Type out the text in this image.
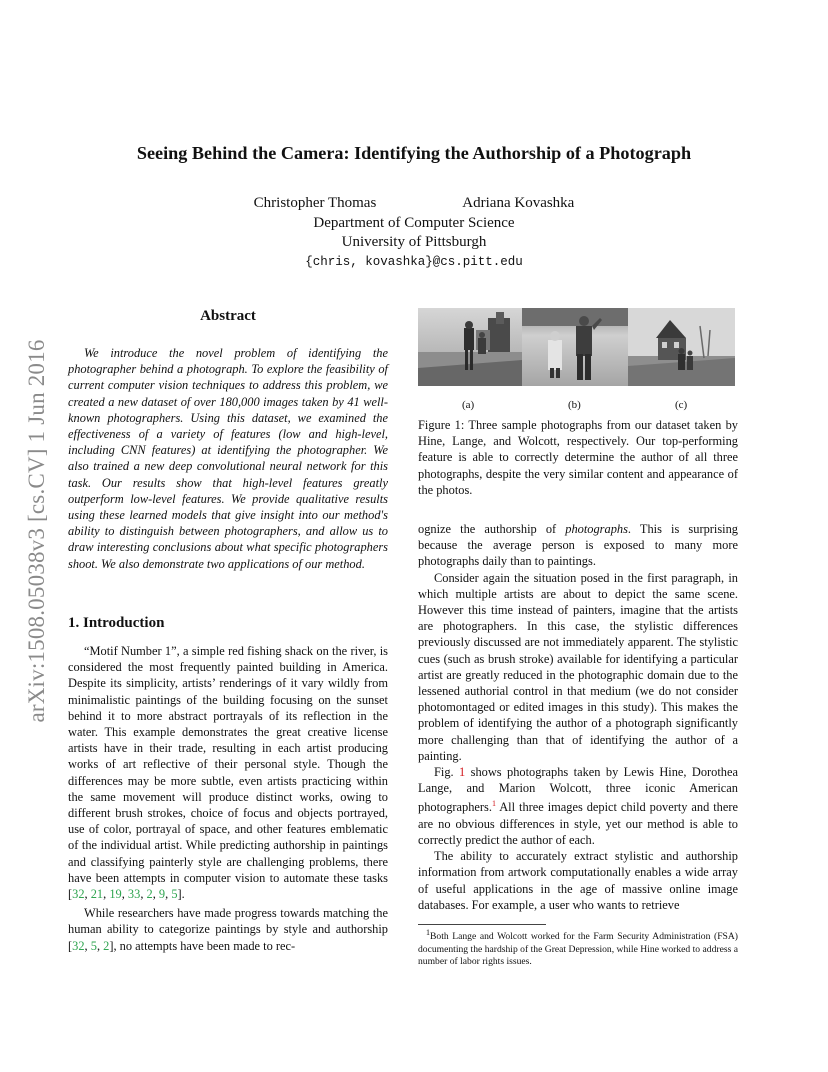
arXiv:1508.05038v3 [cs.CV] 1 Jun 2016
Seeing Behind the Camera: Identifying the Authorship of a Photograph
Christopher Thomas	Adriana Kovashka
Department of Computer Science
University of Pittsburgh
{chris, kovashka}@cs.pitt.edu
Abstract

We introduce the novel problem of identifying the photographer behind a photograph. To explore the feasibility of current computer vision techniques to address this problem, we created a new dataset of over 180,000 images taken by 41 well-known photographers. Using this dataset, we examined the effectiveness of a variety of features (low and high-level, including CNN features) at identifying the photographer. We also trained a new deep convolutional neural network for this task. Our results show that high-level features greatly outperform low-level features. We provide qualitative results using these learned models that give insight into our method's ability to distinguish between photographers, and allow us to draw interesting conclusions about what specific photographers shoot. We also demonstrate two applications of our method.

1. Introduction

“Motif Number 1”, a simple red fishing shack on the river, is considered the most frequently painted building in America. Despite its simplicity, artists’ renderings of it vary wildly from minimalistic paintings of the building focusing on the sunset behind it to more abstract portrayals of its reflection in the water. This example demonstrates the great creative license artists have in their trade, resulting in each artist producing works of art reflective of their personal style. Though the differences may be more subtle, even artists practicing within the same movement will produce distinct works, owing to different brush strokes, choice of focus and objects portrayed, use of color, portrayal of space, and other features emblematic of the individual artist. While predicting authorship in paintings and classifying painterly style are challenging problems, there have been attempts in computer vision to automate these tasks [32, 21, 19, 33, 2, 9, 5].

While researchers have made progress towards matching the human ability to categorize paintings by style and authorship [32, 5, 2], no attempts have been made to rec-

(a)	(b)	(c)
Figure 1: Three sample photographs from our dataset taken by Hine, Lange, and Wolcott, respectively. Our top-performing feature is able to correctly determine the author of all three photographs, despite the very similar content and appearance of the photos.

ognize the authorship of photographs. This is surprising because the average person is exposed to many more photographs daily than to paintings.

Consider again the situation posed in the first paragraph, in which multiple artists are about to depict the same scene. However this time instead of painters, imagine that the artists are photographers. In this case, the stylistic differences previously discussed are not immediately apparent. The stylistic cues (such as brush stroke) available for identifying a particular artist are greatly reduced in the photographic domain due to the lessened authorial control in that medium (we do not consider photomontaged or edited images in this study). This makes the problem of identifying the author of a photograph significantly more challenging than that of identifying the author of a painting.

Fig. 1 shows photographs taken by Lewis Hine, Dorothea Lange, and Marion Wolcott, three iconic American photographers.$^1$ All three images depict child poverty and there are no obvious differences in style, yet our method is able to correctly predict the author of each.

The ability to accurately extract stylistic and authorship information from artwork computationally enables a wide array of useful applications in the age of massive online image databases. For example, a user who wants to retrieve

$^1$Both Lange and Wolcott worked for the Farm Security Administration (FSA) documenting the hardship of the Great Depression, while Hine worked to address a number of labor rights issues.
